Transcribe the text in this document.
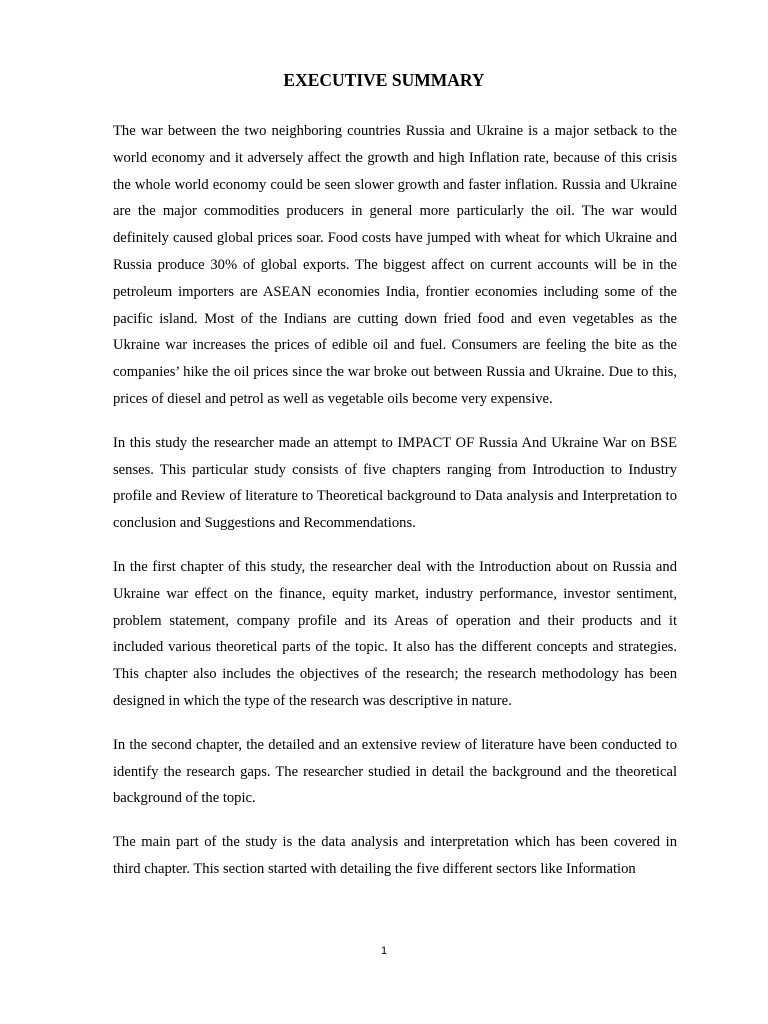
EXECUTIVE SUMMARY

The war between the two neighboring countries Russia and Ukraine is a major setback to the world economy and it adversely affect the growth and high Inflation rate, because of this crisis the whole world economy could be seen slower growth and faster inflation. Russia and Ukraine are the major commodities producers in general more particularly the oil. The war would definitely caused global prices soar. Food costs have jumped with wheat for which Ukraine and Russia produce 30% of global exports. The biggest affect on current accounts will be in the petroleum importers are ASEAN economies India, frontier economies including some of the pacific island. Most of the Indians are cutting down fried food and even vegetables as the Ukraine war increases the prices of edible oil and fuel. Consumers are feeling the bite as the companies’ hike the oil prices since the war broke out between Russia and Ukraine. Due to this, prices of diesel and petrol as well as vegetable oils become very expensive.

In this study the researcher made an attempt to IMPACT OF Russia And Ukraine War on BSE senses. This particular study consists of five chapters ranging from Introduction to Industry profile and Review of literature to Theoretical background to Data analysis and Interpretation to conclusion and Suggestions and Recommendations.

In the first chapter of this study, the researcher deal with the Introduction about on Russia and Ukraine war effect on the finance, equity market, industry performance, investor sentiment, problem statement, company profile and its Areas of operation and their products and it included various theoretical parts of the topic. It also has the different concepts and strategies. This chapter also includes the objectives of the research; the research methodology has been designed in which the type of the research was descriptive in nature.

In the second chapter, the detailed and an extensive review of literature have been conducted to identify the research gaps. The researcher studied in detail the background and the theoretical background of the topic.

The main part of the study is the data analysis and interpretation which has been covered in third chapter. This section started with detailing the five different sectors like Information

1
